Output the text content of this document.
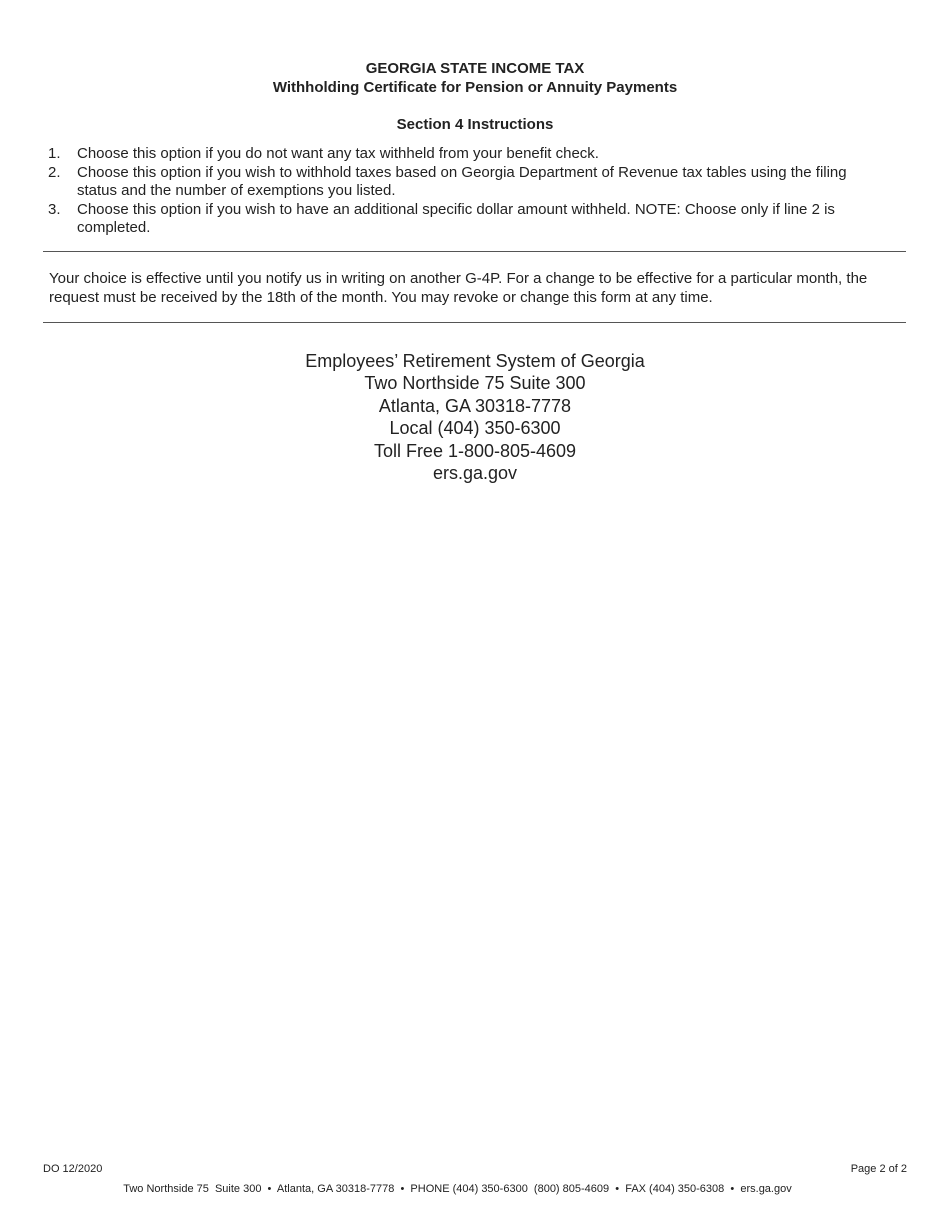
GEORGIA STATE INCOME TAX
Withholding Certificate for Pension or Annuity Payments
Section 4 Instructions
1. Choose this option if you do not want any tax withheld from your benefit check.
2. Choose this option if you wish to withhold taxes based on Georgia Department of Revenue tax tables using the filing status and the number of exemptions you listed.
3. Choose this option if you wish to have an additional specific dollar amount withheld. NOTE: Choose only if line 2 is completed.
Your choice is effective until you notify us in writing on another G-4P. For a change to be effective for a particular month, the request must be received by the 18th of the month. You may revoke or change this form at any time.
Employees’ Retirement System of Georgia
Two Northside 75 Suite 300
Atlanta, GA 30318-7778
Local (404) 350-6300
Toll Free 1-800-805-4609
ers.ga.gov
DO 12/2020	Page 2 of 2
Two Northside 75  Suite 300  •  Atlanta, GA 30318-7778  •  PHONE (404) 350-6300  (800) 805-4609  •  FAX (404) 350-6308  •  ers.ga.gov
